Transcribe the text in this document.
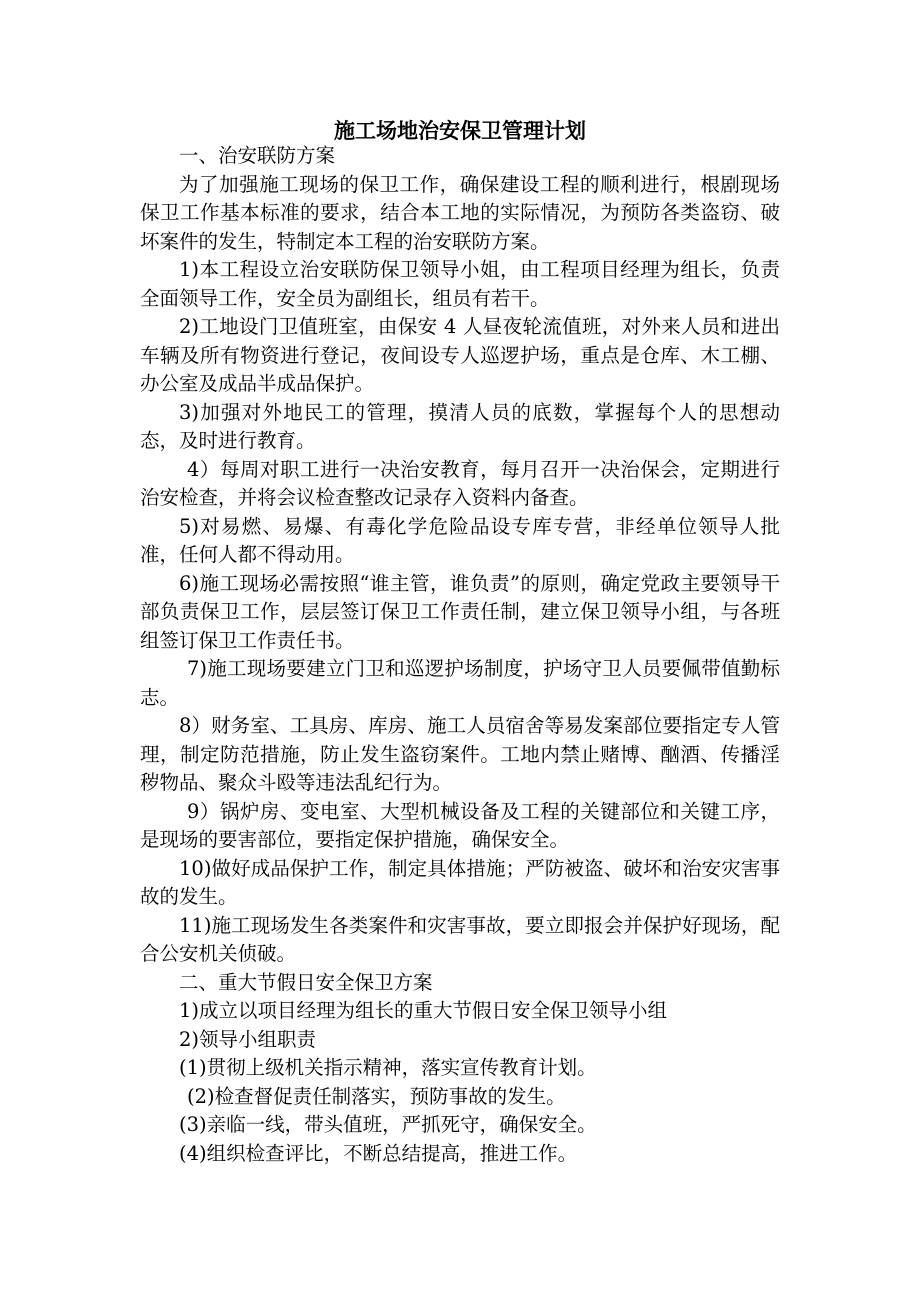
施工场地治安保卫管理计划

一、治安联防方案

为了加强施工现场的保卫工作，确保建设工程的顺利进行，根剧现场保卫工作基本标准的要求，结合本工地的实际情况，为预防各类盗窃、破坏案件的发生，特制定本工程的治安联防方案。

1)本工程设立治安联防保卫领导小姐，由工程项目经理为组长，负责全面领导工作，安全员为副组长，组员有若干。

2)工地设门卫值班室，由保安 4 人昼夜轮流值班，对外来人员和进出车辆及所有物资进行登记，夜间设专人巡逻护场，重点是仓库、木工棚、办公室及成品半成品保护。

3)加强对外地民工的管理，摸清人员的底数，掌握每个人的思想动态，及时进行教育。

4）每周对职工进行一决治安教育，每月召开一决治保会，定期进行治安检查，并将会议检查整改记录存入资料内备查。

5)对易燃、易爆、有毒化学危险品设专库专营，非经单位领导人批准，任何人都不得动用。

6)施工现场必需按照“谁主管，谁负责”的原则，确定党政主要领导干部负责保卫工作，层层签订保卫工作责任制，建立保卫领导小组，与各班组签订保卫工作责任书。

7)施工现场要建立门卫和巡逻护场制度，护场守卫人员要佩带值勤标志。

8）财务室、工具房、库房、施工人员宿舍等易发案部位要指定专人管理，制定防范措施，防止发生盗窃案件。工地内禁止赌博、酗酒、传播淫秽物品、聚众斗殴等违法乱纪行为。

9）锅炉房、变电室、大型机械设备及工程的关键部位和关键工序，是现场的要害部位，要指定保护措施，确保安全。

10)做好成品保护工作，制定具体措施；严防被盗、破坏和治安灾害事故的发生。

11)施工现场发生各类案件和灾害事故，要立即报会并保护好现场，配合公安机关侦破。

二、重大节假日安全保卫方案

1)成立以项目经理为组长的重大节假日安全保卫领导小组

2)领导小组职责

(1)贯彻上级机关指示精神，落实宣传教育计划。

(2)检查督促责任制落实，预防事故的发生。

(3)亲临一线，带头值班，严抓死守，确保安全。

(4)组织检查评比，不断总结提高，推进工作。
